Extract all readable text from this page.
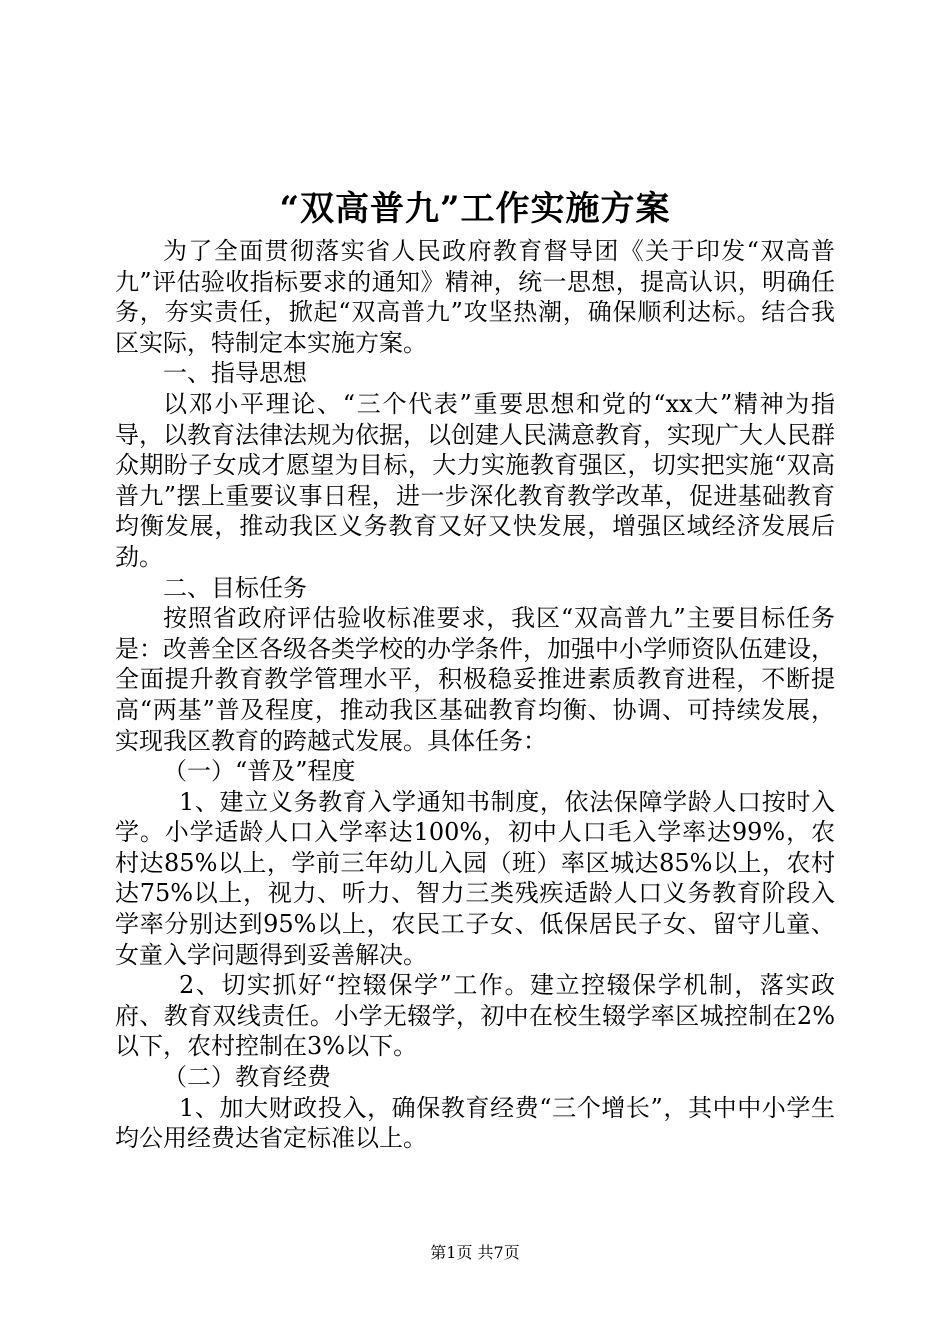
“双高普九”工作实施方案

为了全面贯彻落实省人民政府教育督导团《关于印发“双高普九”评估验收指标要求的通知》精神，统一思想，提高认识，明确任务，夯实责任，掀起“双高普九”攻坚热潮，确保顺利达标。结合我区实际，特制定本实施方案。

一、指导思想

以邓小平理论、“三个代表”重要思想和党的“xx大”精神为指导，以教育法律法规为依据，以创建人民满意教育，实现广大人民群众期盼子女成才愿望为目标，大力实施教育强区，切实把实施“双高普九”摆上重要议事日程，进一步深化教育教学改革，促进基础教育均衡发展，推动我区义务教育又好又快发展，增强区域经济发展后劲。

二、目标任务

按照省政府评估验收标准要求，我区“双高普九”主要目标任务是：改善全区各级各类学校的办学条件，加强中小学师资队伍建设，全面提升教育教学管理水平，积极稳妥推进素质教育进程，不断提高“两基”普及程度，推动我区基础教育均衡、协调、可持续发展，实现我区教育的跨越式发展。具体任务：

（一）“普及”程度

1、建立义务教育入学通知书制度，依法保障学龄人口按时入学。小学适龄人口入学率达100%，初中人口毛入学率达99%，农村达85%以上，学前三年幼儿入园（班）率区城达85%以上，农村达75%以上，视力、听力、智力三类残疾适龄人口义务教育阶段入学率分别达到95%以上，农民工子女、低保居民子女、留守儿童、女童入学问题得到妥善解决。

2、切实抓好“控辍保学”工作。建立控辍保学机制，落实政府、教育双线责任。小学无辍学，初中在校生辍学率区城控制在2%以下，农村控制在3%以下。

（二）教育经费

1、加大财政投入，确保教育经费“三个增长”，其中中小学生均公用经费达省定标准以上。

第1页 共7页
